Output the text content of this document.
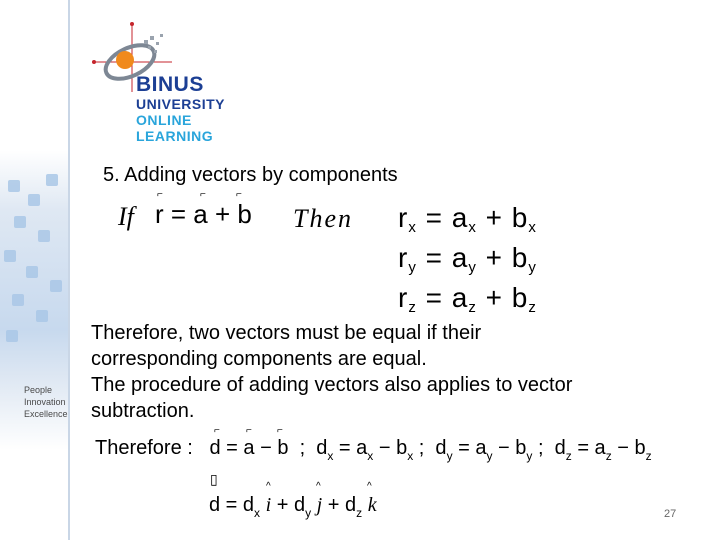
People
Innovation
Excellence
BINUS
UNIVERSITY
ONLINE
LEARNING
5. Adding vectors by components
If r = a + b
⌐	⌐	⌐
Then $r_x = a_x + b_x$
$r_y = a_y + b_y$
$r_z = a_z + b_z$
Therefore, two vectors must be equal if their
corresponding components are equal.
The procedure of adding vectors also applies to vector
subtraction.
Therefore :   d = a − b  ;  $d_x = a_x - b_x$ ;  $d_y = a_y - b_y$ ;  $d_z = a_z - b_z$
⌐	⌐	⌐
$d = d_x$ $i + d_y$ $j + d_z$ k
▯	^	^	^
27
